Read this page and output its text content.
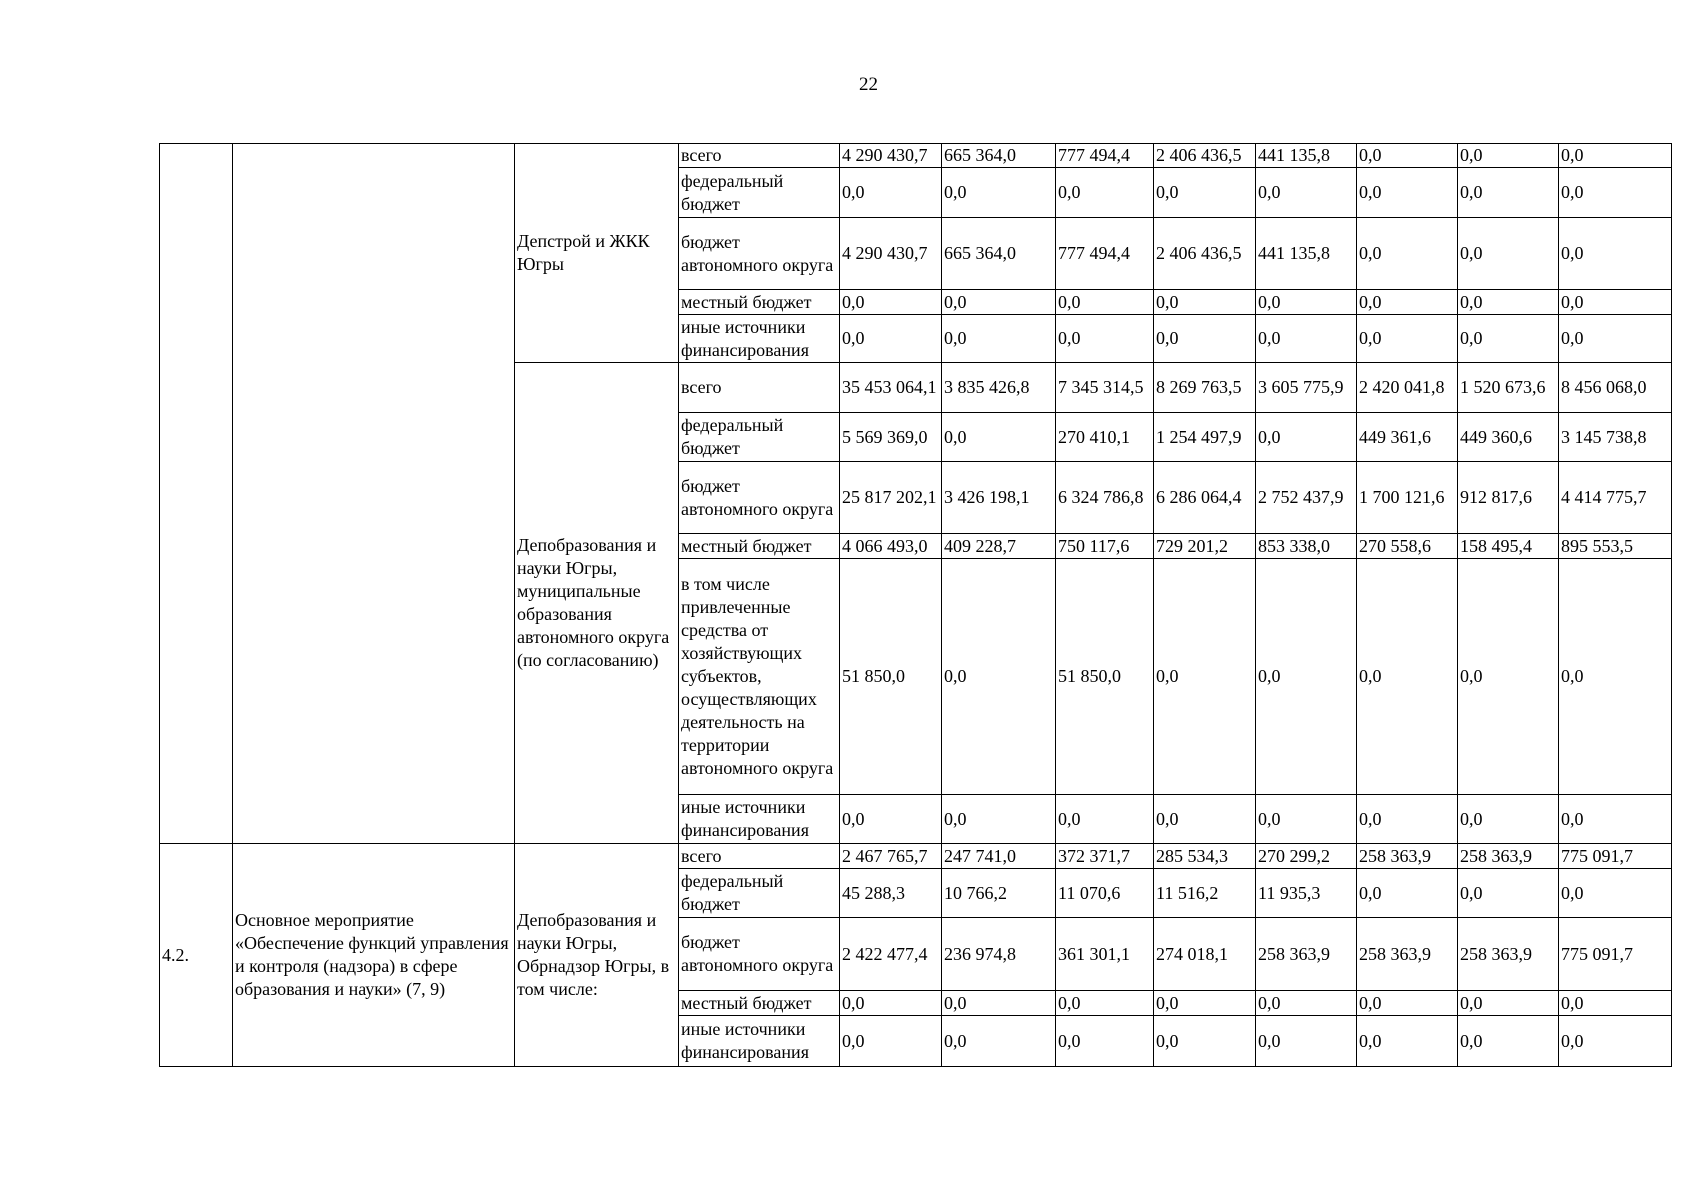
22
		Депстрой и ЖКК Югры	всего	4 290 430,7	665 364,0	777 494,4	2 406 436,5	441 135,8	0,0	0,0	0,0
			федеральный бюджет	0,0	0,0	0,0	0,0	0,0	0,0	0,0	0,0
			бюджет автономного округа	4 290 430,7	665 364,0	777 494,4	2 406 436,5	441 135,8	0,0	0,0	0,0
			местный бюджет	0,0	0,0	0,0	0,0	0,0	0,0	0,0	0,0
			иные источники финансирования	0,0	0,0	0,0	0,0	0,0	0,0	0,0	0,0
		Депобразования и науки Югры, муниципальные образования автономного округа (по согласованию)	всего	35 453 064,1	3 835 426,8	7 345 314,5	8 269 763,5	3 605 775,9	2 420 041,8	1 520 673,6	8 456 068,0
			федеральный бюджет	5 569 369,0	0,0	270 410,1	1 254 497,9	0,0	449 361,6	449 360,6	3 145 738,8
			бюджет автономного округа	25 817 202,1	3 426 198,1	6 324 786,8	6 286 064,4	2 752 437,9	1 700 121,6	912 817,6	4 414 775,7
			местный бюджет	4 066 493,0	409 228,7	750 117,6	729 201,2	853 338,0	270 558,6	158 495,4	895 553,5
			в том числе привлеченные средства от хозяйствующих субъектов, осуществляющих деятельность на территории автономного округа	51 850,0	0,0	51 850,0	0,0	0,0	0,0	0,0	0,0
			иные источники финансирования	0,0	0,0	0,0	0,0	0,0	0,0	0,0	0,0
4.2.	Основное мероприятие «Обеспечение функций управления и контроля (надзора) в сфере образования и науки» (7, 9)	Депобразования и науки Югры, Обрнадзор Югры, в том числе:	всего	2 467 765,7	247 741,0	372 371,7	285 534,3	270 299,2	258 363,9	258 363,9	775 091,7
			федеральный бюджет	45 288,3	10 766,2	11 070,6	11 516,2	11 935,3	0,0	0,0	0,0
			бюджет автономного округа	2 422 477,4	236 974,8	361 301,1	274 018,1	258 363,9	258 363,9	258 363,9	775 091,7
			местный бюджет	0,0	0,0	0,0	0,0	0,0	0,0	0,0	0,0
			иные источники финансирования	0,0	0,0	0,0	0,0	0,0	0,0	0,0	0,0
